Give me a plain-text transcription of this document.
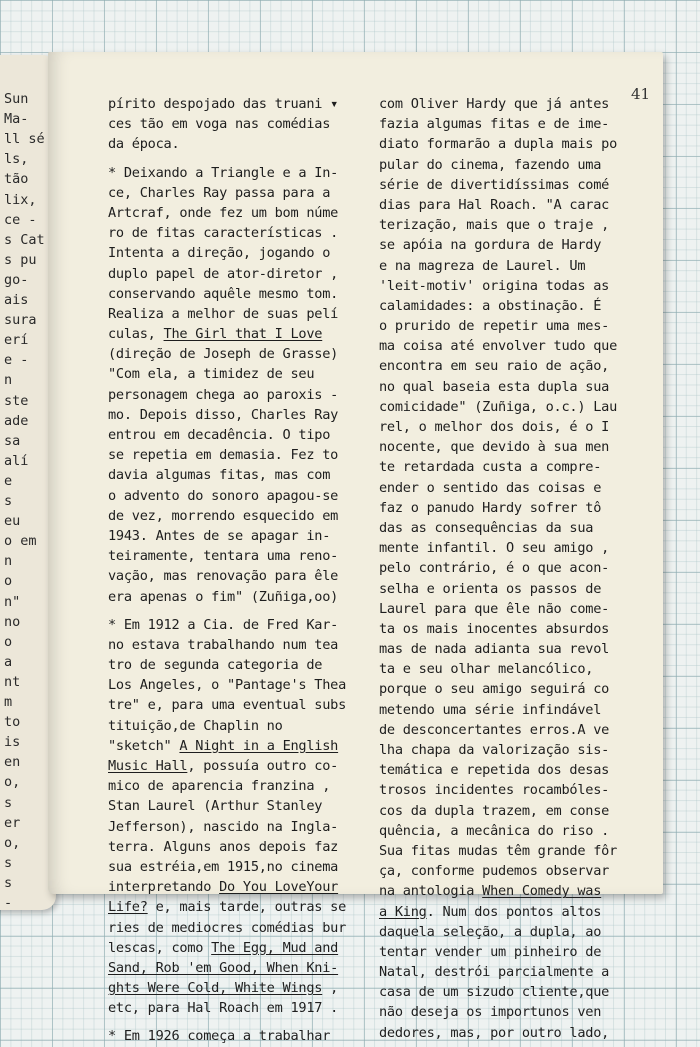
Sun
Ma-
ll sé
ls,
tão
lix,
ce -
s Cat
s pu
go-
ais
sura
erí
e -
n
ste
ade
sa
alí
e
s
eu
o em
n
o
n"
no
o
a
nt
m
to
is
en
o,
s
er
o,
s
s
-
41
pírito despojado das truani ▾
ces tão em voga nas comédias
da época.
* Deixando a Triangle e a In-
ce, Charles Ray passa para a
Artcraf, onde fez um bom núme
ro de fitas características .
Intenta a direção, jogando o
duplo papel de ator-diretor ,
conservando aquêle mesmo tom.
Realiza a melhor de suas pelí
culas, The Girl that I Love
(direção de Joseph de Grasse)
"Com ela, a timidez de seu
personagem chega ao paroxis -
mo. Depois disso, Charles Ray
entrou em decadência. O tipo
se repetia em demasia. Fez to
davia algumas fitas, mas com
o advento do sonoro apagou-se
de vez, morrendo esquecido em
1943. Antes de se apagar in-
teiramente, tentara uma reno-
vação, mas renovação para êle
era apenas o fim" (Zuñiga,oo)
* Em 1912 a Cia. de Fred Kar-
no estava trabalhando num tea
tro de segunda categoria de
Los Angeles, o "Pantage's Thea
tre" e, para uma eventual subs
tituição,de Chaplin no
"sketch" A Night in a English
Music Hall, possuía outro co-
mico de aparencia franzina ,
Stan Laurel (Arthur Stanley
Jefferson), nascido na Ingla-
terra. Alguns anos depois faz
sua estréia,em 1915,no cinema
interpretando Do You LoveYour
Life? e, mais tarde, outras se
ries de mediocres comédias bur
lescas, como The Egg, Mud and
Sand, Rob 'em Good, When Kni-
ghts Were Cold, White Wings ,
etc, para Hal Roach em 1917 .
* Em 1926 começa a trabalhar
com Oliver Hardy que já antes
fazia algumas fitas e de ime-
diato formarão a dupla mais po
pular do cinema, fazendo uma
série de divertidíssimas comé
dias para Hal Roach. "A carac
terização, mais que o traje ,
se apóia na gordura de Hardy
e na magreza de Laurel. Um
'leit-motiv' origina todas as
calamidades: a obstinação. É
o prurido de repetir uma mes-
ma coisa até envolver tudo que
encontra em seu raio de ação,
no qual baseia esta dupla sua
comicidade" (Zuñiga, o.c.) Lau
rel, o melhor dos dois, é o I
nocente, que devido à sua men
te retardada custa a compre-
ender o sentido das coisas e
faz o panudo Hardy sofrer tô
das as consequências da sua
mente infantil. O seu amigo ,
pelo contrário, é o que acon-
selha e orienta os passos de
Laurel para que êle não come-
ta os mais inocentes absurdos
mas de nada adianta sua revol
ta e seu olhar melancólico,
porque o seu amigo seguirá co
metendo uma série infindável
de desconcertantes erros.A ve
lha chapa da valorização sis-
temática e repetida dos desas
trosos incidentes rocambóles-
cos da dupla trazem, em conse
quência, a mecânica do riso .
Sua fitas mudas têm grande fôr
ça, conforme pudemos observar
na antologia When Comedy was
a King. Num dos pontos altos
daquela seleção, a dupla, ao
tentar vender um pinheiro de
Natal, destrói parcialmente a
casa de um sizudo cliente,que
não deseja os importunos ven
dedores, mas, por outro lado,
